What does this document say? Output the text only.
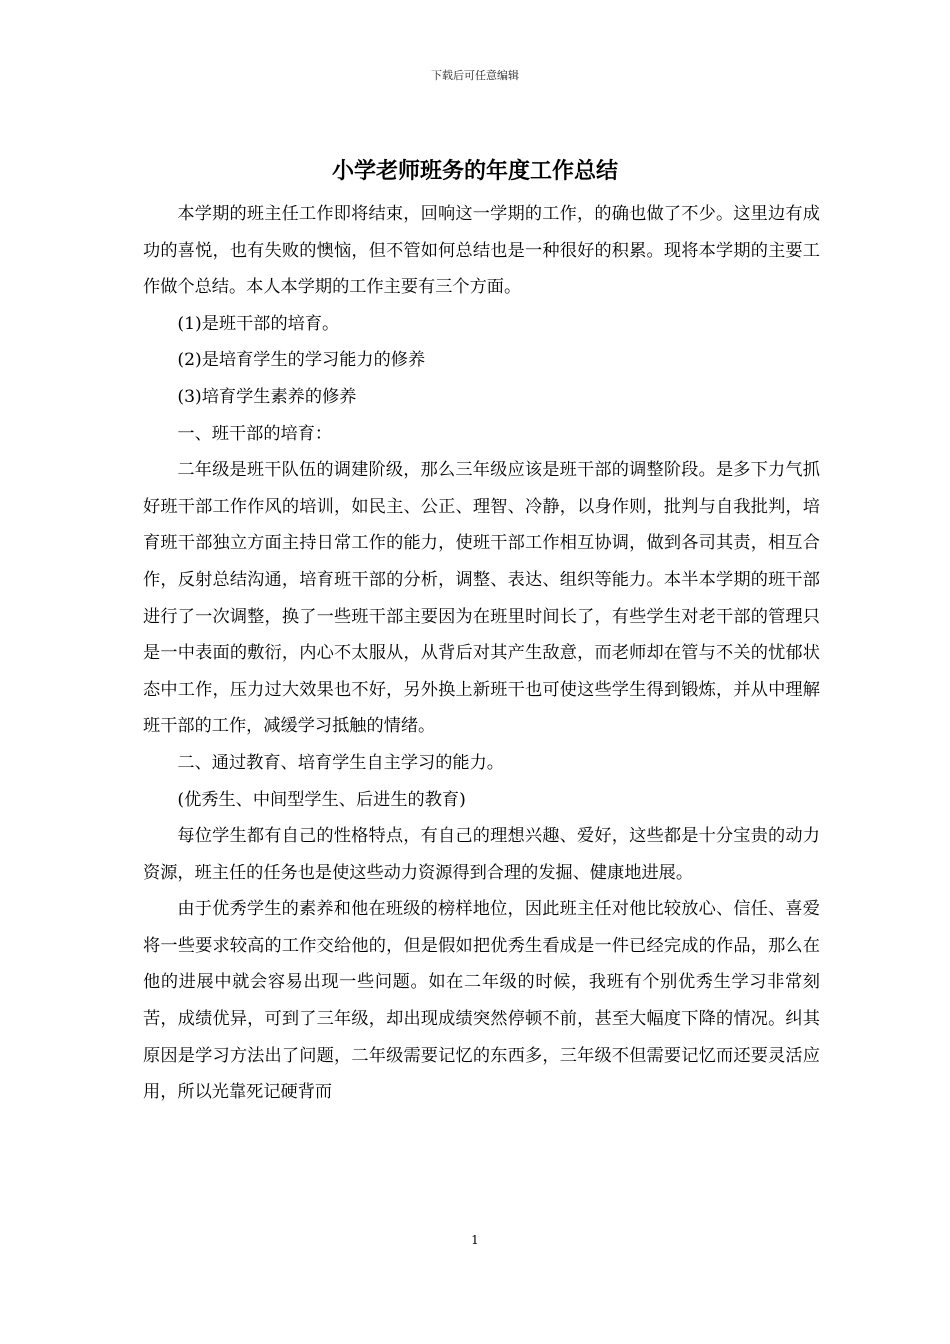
下载后可任意编辑
小学老师班务的年度工作总结

本学期的班主任工作即将结束，回响这一学期的工作，的确也做了不少。这里边有成功的喜悦，也有失败的懊恼，但不管如何总结也是一种很好的积累。现将本学期的主要工作做个总结。本人本学期的工作主要有三个方面。

(1)是班干部的培育。

(2)是培育学生的学习能力的修养

(3)培育学生素养的修养

一、班干部的培育：

二年级是班干队伍的调建阶级，那么三年级应该是班干部的调整阶段。是多下力气抓好班干部工作作风的培训，如民主、公正、理智、冷静，以身作则，批判与自我批判，培育班干部独立方面主持日常工作的能力，使班干部工作相互协调，做到各司其责，相互合作，反射总结沟通，培育班干部的分析，调整、表达、组织等能力。本半本学期的班干部进行了一次调整，换了一些班干部主要因为在班里时间长了，有些学生对老干部的管理只是一中表面的敷衍，内心不太服从，从背后对其产生敌意，而老师却在管与不关的忧郁状态中工作，压力过大效果也不好，另外换上新班干也可使这些学生得到锻炼，并从中理解班干部的工作，减缓学习抵触的情绪。

二、通过教育、培育学生自主学习的能力。

(优秀生、中间型学生、后进生的教育)

每位学生都有自己的性格特点，有自己的理想兴趣、爱好，这些都是十分宝贵的动力资源，班主任的任务也是使这些动力资源得到合理的发掘、健康地进展。

由于优秀学生的素养和他在班级的榜样地位，因此班主任对他比较放心、信任、喜爱将一些要求较高的工作交给他的，但是假如把优秀生看成是一件已经完成的作品，那么在他的进展中就会容易出现一些问题。如在二年级的时候，我班有个别优秀生学习非常刻苦，成绩优异，可到了三年级，却出现成绩突然停顿不前，甚至大幅度下降的情况。纠其原因是学习方法出了问题，二年级需要记忆的东西多，三年级不但需要记忆而还要灵活应用，所以光靠死记硬背而

1
